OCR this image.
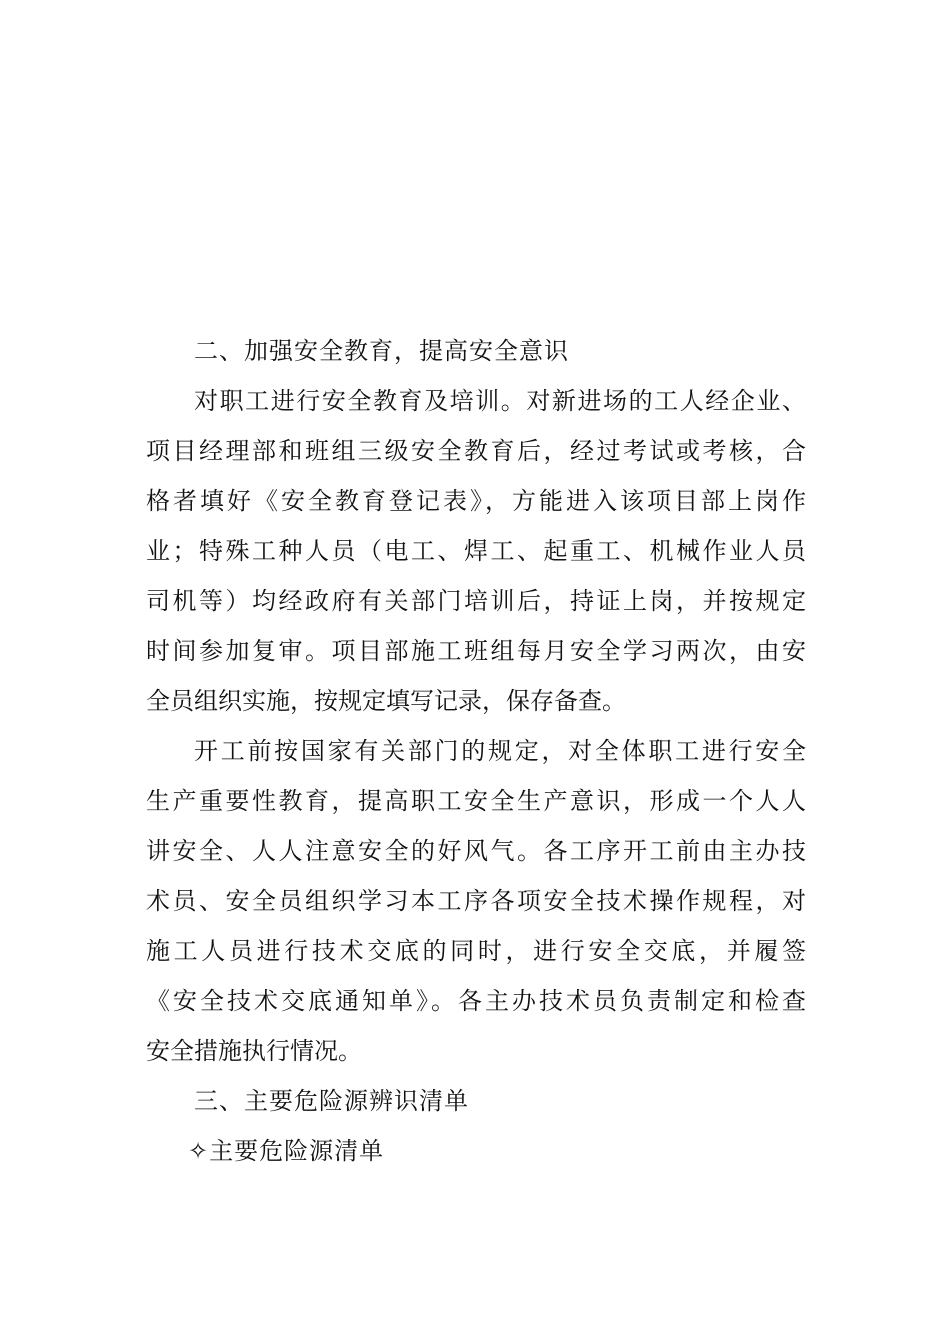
二、加强安全教育，提高安全意识
对职工进行安全教育及培训。对新进场的工人经企业、
项目经理部和班组三级安全教育后，经过考试或考核，合
格者填好《安全教育登记表》，方能进入该项目部上岗作
业；特殊工种人员（电工、焊工、起重工、机械作业人员
司机等）均经政府有关部门培训后，持证上岗，并按规定
时间参加复审。项目部施工班组每月安全学习两次，由安
全员组织实施，按规定填写记录，保存备查。
开工前按国家有关部门的规定，对全体职工进行安全
生产重要性教育，提高职工安全生产意识，形成一个人人
讲安全、人人注意安全的好风气。各工序开工前由主办技
术员、安全员组织学习本工序各项安全技术操作规程，对
施工人员进行技术交底的同时，进行安全交底，并履签
《安全技术交底通知单》。各主办技术员负责制定和检查
安全措施执行情况。
三、主要危险源辨识清单
✧主要危险源清单
